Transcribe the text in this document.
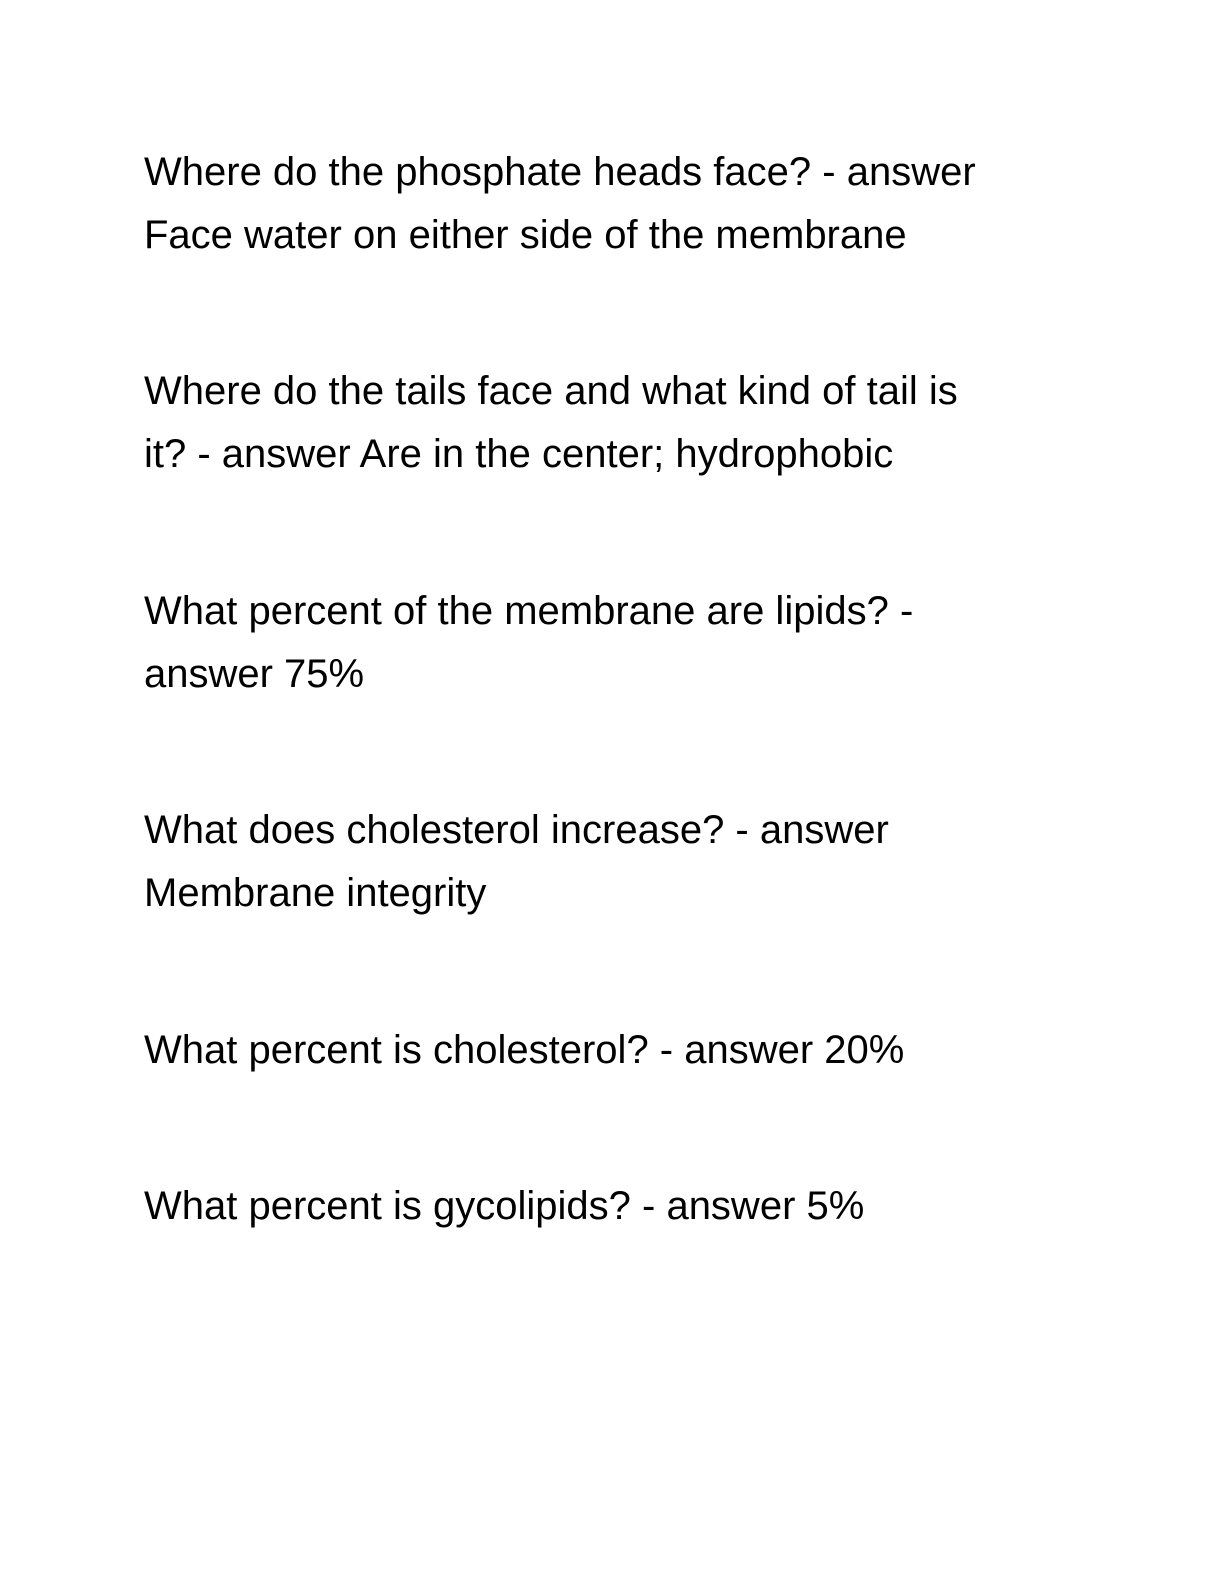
Where do the phosphate heads face? - answer
Face water on either side of the membrane
Where do the tails face and what kind of tail is
it? - answer Are in the center; hydrophobic
What percent of the membrane are lipids? -
answer 75%
What does cholesterol increase? - answer
Membrane integrity
What percent is cholesterol? - answer 20%
What percent is gycolipids? - answer 5%
